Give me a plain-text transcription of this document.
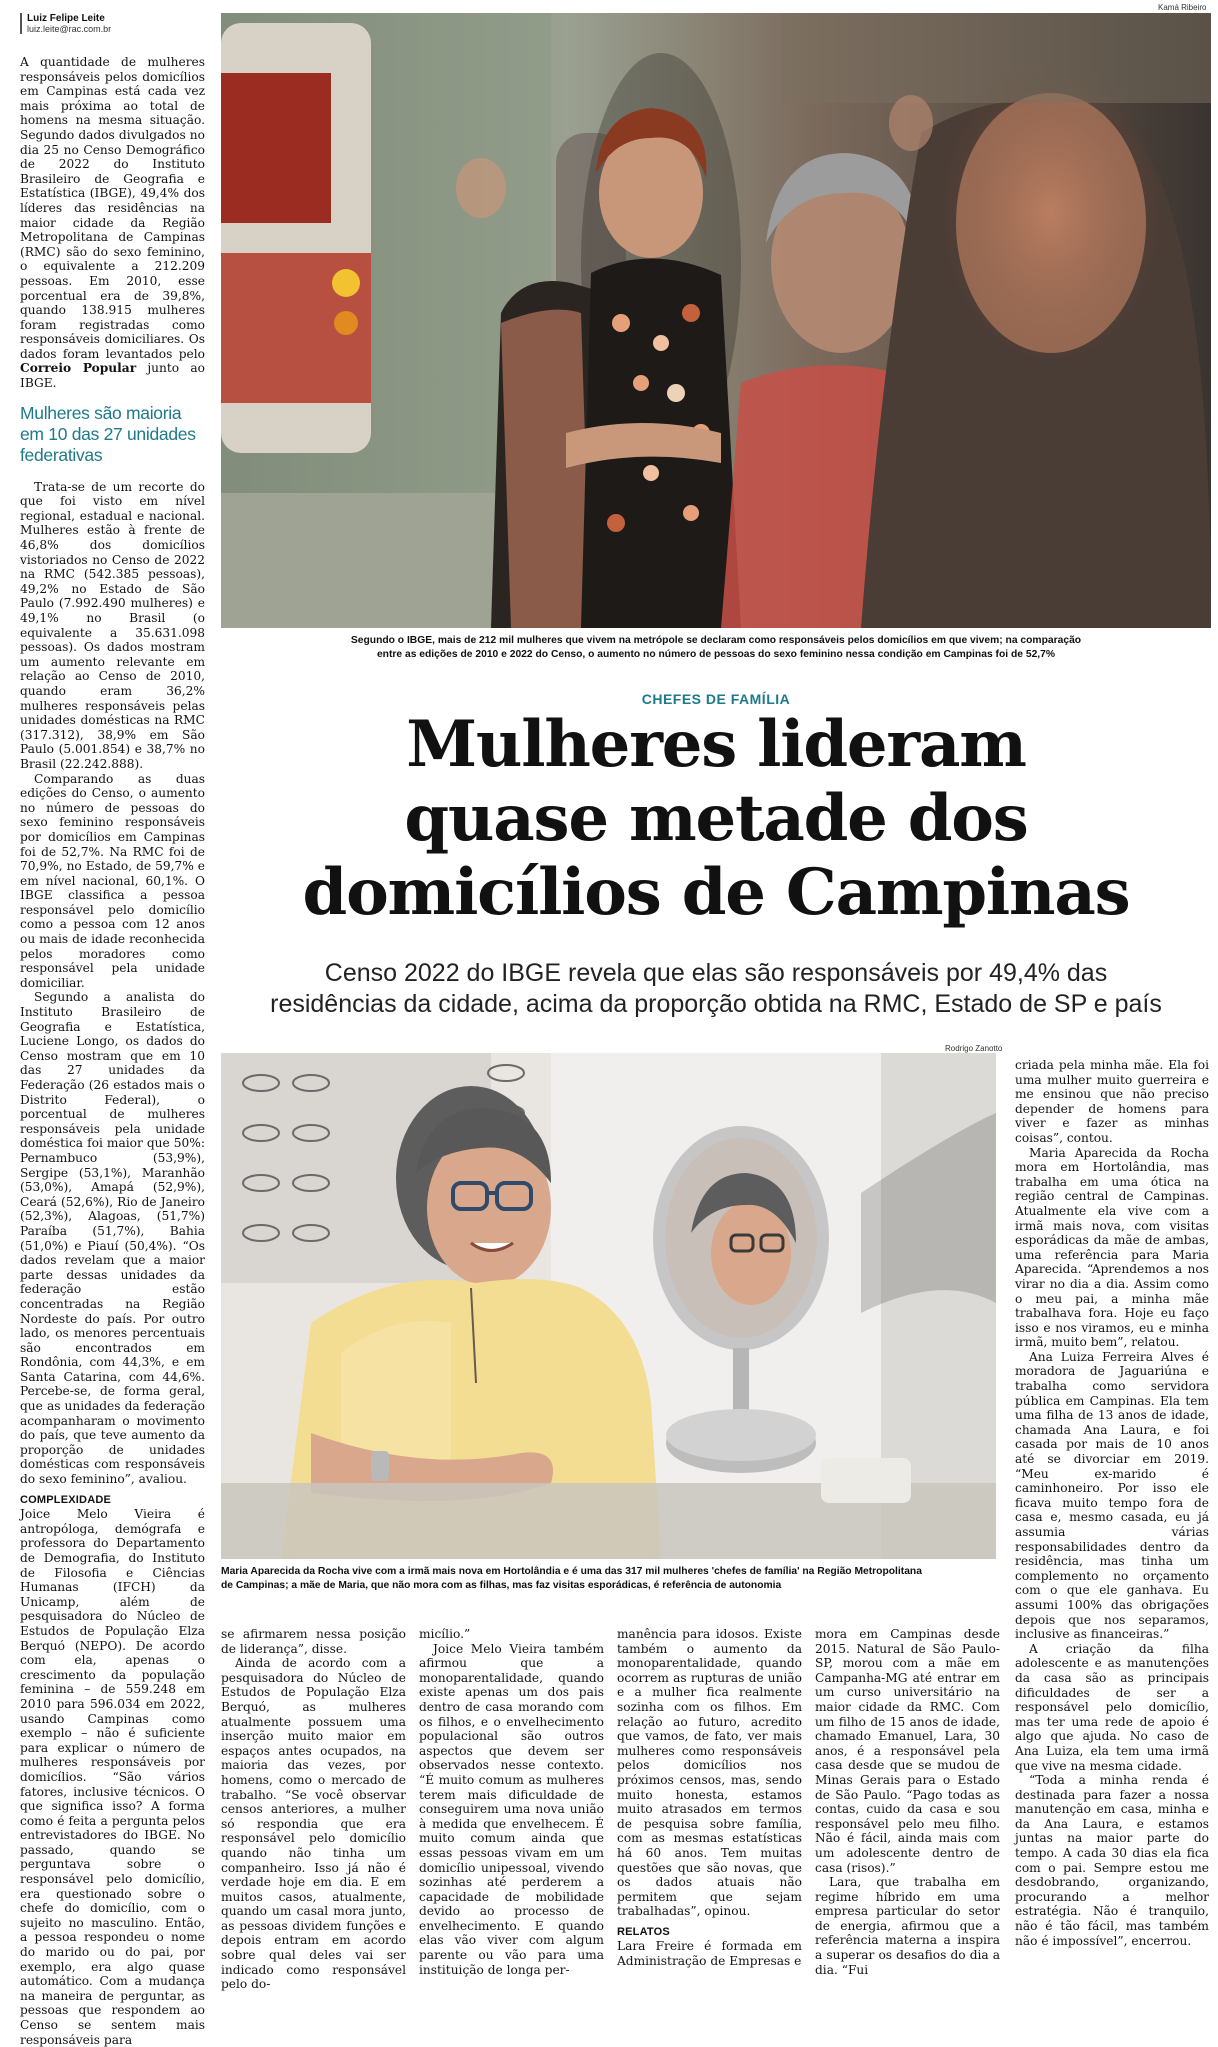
Luiz Felipe Leite
luiz.leite@rac.com.br

A quantidade de mulheres responsáveis pelos domicílios em Campinas está cada vez mais próxima ao total de homens na mesma situação. Segundo dados divulgados no dia 25 no Censo Demográfico de 2022 do Instituto Brasileiro de Geografia e Estatística (IBGE), 49,4% dos líderes das residências na maior cidade da Região Metropolitana de Campinas (RMC) são do sexo feminino, o equivalente a 212.209 pessoas. Em 2010, esse porcentual era de 39,8%, quando 138.915 mulheres foram registradas como responsáveis domiciliares. Os dados foram levantados pelo Correio Popular junto ao IBGE.

Mulheres são maioria em 10 das 27 unidades federativas

Trata-se de um recorte do que foi visto em nível regional, estadual e nacional. Mulheres estão à frente de 46,8% dos domicílios vistoriados no Censo de 2022 na RMC (542.385 pessoas), 49,2% no Estado de São Paulo (7.992.490 mulheres) e 49,1% no Brasil (o equivalente a 35.631.098 pessoas). Os dados mostram um aumento relevante em relação ao Censo de 2010, quando eram 36,2% mulheres responsáveis pelas unidades domésticas na RMC (317.312), 38,9% em São Paulo (5.001.854) e 38,7% no Brasil (22.242.888).

Comparando as duas edições do Censo, o aumento no número de pessoas do sexo feminino responsáveis por domicílios em Campinas foi de 52,7%. Na RMC foi de 70,9%, no Estado, de 59,7% e em nível nacional, 60,1%. O IBGE classifica a pessoa responsável pelo domicílio como a pessoa com 12 anos ou mais de idade reconhecida pelos moradores como responsável pela unidade domiciliar.

Segundo a analista do Instituto Brasileiro de Geografia e Estatística, Luciene Longo, os dados do Censo mostram que em 10 das 27 unidades da Federação (26 estados mais o Distrito Federal), o porcentual de mulheres responsáveis pela unidade doméstica foi maior que 50%: Pernambuco (53,9%), Sergipe (53,1%), Maranhão (53,0%), Amapá (52,9%), Ceará (52,6%), Rio de Janeiro (52,3%), Alagoas, (51,7%) Paraíba (51,7%), Bahia (51,0%) e Piauí (50,4%). “Os dados revelam que a maior parte dessas unidades da federação estão concentradas na Região Nordeste do país. Por outro lado, os menores percentuais são encontrados em Rondônia, com 44,3%, e em Santa Catarina, com 44,6%. Percebe-se, de forma geral, que as unidades da federação acompanharam o movimento do país, que teve aumento da proporção de unidades domésticas com responsáveis do sexo feminino”, avaliou.

COMPLEXIDADE

Joice Melo Vieira é antropóloga, demógrafa e professora do Departamento de Demografia, do Instituto de Filosofia e Ciências Humanas (IFCH) da Unicamp, além de pesquisadora do Núcleo de Estudos de População Elza Berquó (NEPO). De acordo com ela, apenas o crescimento da população feminina – de 559.248 em 2010 para 596.034 em 2022, usando Campinas como exemplo – não é suficiente para explicar o número de mulheres responsáveis por domicílios. “São vários fatores, inclusive técnicos. O que significa isso? A forma como é feita a pergunta pelos entrevistadores do IBGE. No passado, quando se perguntava sobre o responsável pelo domicílio, era questionado sobre o chefe do domicílio, com o sujeito no masculino. Então, a pessoa respondeu o nome do marido ou do pai, por exemplo, era algo quase automático. Com a mudança na maneira de perguntar, as pessoas que respondem ao Censo se sentem mais responsáveis para

Kamá Ribeiro
Segundo o IBGE, mais de 212 mil mulheres que vivem na metrópole se declaram como responsáveis pelos domicílios em que vivem; na comparação
entre as edições de 2010 e 2022 do Censo, o aumento no número de pessoas do sexo feminino nessa condição em Campinas foi de 52,7%
CHEFES DE FAMÍLIA
Mulheres lideram
quase metade dos
domicílios de Campinas
Censo 2022 do IBGE revela que elas são responsáveis por 49,4% das
residências da cidade, acima da proporção obtida na RMC, Estado de SP e país
Rodrigo Zanotto
Maria Aparecida da Rocha vive com a irmã mais nova em Hortolândia e é uma das 317 mil mulheres 'chefes de família' na Região Metropolitana
de Campinas; a mãe de Maria, que não mora com as filhas, mas faz visitas esporádicas, é referência de autonomia

se afirmarem nessa posição de liderança”, disse.

Ainda de acordo com a pesquisadora do Núcleo de Estudos de População Elza Berquó, as mulheres atualmente possuem uma inserção muito maior em espaços antes ocupados, na maioria das vezes, por homens, como o mercado de trabalho. “Se você observar censos anteriores, a mulher só respondia que era responsável pelo domicílio quando não tinha um companheiro. Isso já não é verdade hoje em dia. E em muitos casos, atualmente, quando um casal mora junto, as pessoas dividem funções e depois entram em acordo sobre qual deles vai ser indicado como responsável pelo do-

micílio.”

Joice Melo Vieira também afirmou que a monoparentalidade, quando existe apenas um dos pais dentro de casa morando com os filhos, e o envelhecimento populacional são outros aspectos que devem ser observados nesse contexto. “É muito comum as mulheres terem mais dificuldade de conseguirem uma nova união à medida que envelhecem. É muito comum ainda que essas pessoas vivam em um domicílio unipessoal, vivendo sozinhas até perderem a capacidade de mobilidade devido ao processo de envelhecimento. E quando elas vão viver com algum parente ou vão para uma instituição de longa per-

manência para idosos. Existe também o aumento da monoparentalidade, quando ocorrem as rupturas de união e a mulher fica realmente sozinha com os filhos. Em relação ao futuro, acredito que vamos, de fato, ver mais mulheres como responsáveis pelos domicílios nos próximos censos, mas, sendo muito honesta, estamos muito atrasados em termos de pesquisa sobre família, com as mesmas estatísticas há 60 anos. Tem muitas questões que são novas, que os dados atuais não permitem que sejam trabalhadas”, opinou.

RELATOS

Lara Freire é formada em Administração de Empresas e

mora em Campinas desde 2015. Natural de São Paulo-SP, morou com a mãe em Campanha-MG até entrar em um curso universitário na maior cidade da RMC. Com um filho de 15 anos de idade, chamado Emanuel, Lara, 30 anos, é a responsável pela casa desde que se mudou de Minas Gerais para o Estado de São Paulo. “Pago todas as contas, cuido da casa e sou responsável pelo meu filho. Não é fácil, ainda mais com um adolescente dentro de casa (risos).”

Lara, que trabalha em regime híbrido em uma empresa particular do setor de energia, afirmou que a referência materna a inspira a superar os desafios do dia a dia. “Fui

criada pela minha mãe. Ela foi uma mulher muito guerreira e me ensinou que não preciso depender de homens para viver e fazer as minhas coisas”, contou.

Maria Aparecida da Rocha mora em Hortolândia, mas trabalha em uma ótica na região central de Campinas. Atualmente ela vive com a irmã mais nova, com visitas esporádicas da mãe de ambas, uma referência para Maria Aparecida. “Aprendemos a nos virar no dia a dia. Assim como o meu pai, a minha mãe trabalhava fora. Hoje eu faço isso e nos viramos, eu e minha irmã, muito bem”, relatou.

Ana Luiza Ferreira Alves é moradora de Jaguariúna e trabalha como servidora pública em Campinas. Ela tem uma filha de 13 anos de idade, chamada Ana Laura, e foi casada por mais de 10 anos até se divorciar em 2019. “Meu ex-marido é caminhoneiro. Por isso ele ficava muito tempo fora de casa e, mesmo casada, eu já assumia várias responsabilidades dentro da residência, mas tinha um complemento no orçamento com o que ele ganhava. Eu assumi 100% das obrigações depois que nos separamos, inclusive as financeiras.”

A criação da filha adolescente e as manutenções da casa são as principais dificuldades de ser a responsável pelo domicílio, mas ter uma rede de apoio é algo que ajuda. No caso de Ana Luiza, ela tem uma irmã que vive na mesma cidade.

“Toda a minha renda é destinada para fazer a nossa manutenção em casa, minha e da Ana Laura, e estamos juntas na maior parte do tempo. A cada 30 dias ela fica com o pai. Sempre estou me desdobrando, organizando, procurando a melhor estratégia. Não é tranquilo, não é tão fácil, mas também não é impossível”, encerrou.
